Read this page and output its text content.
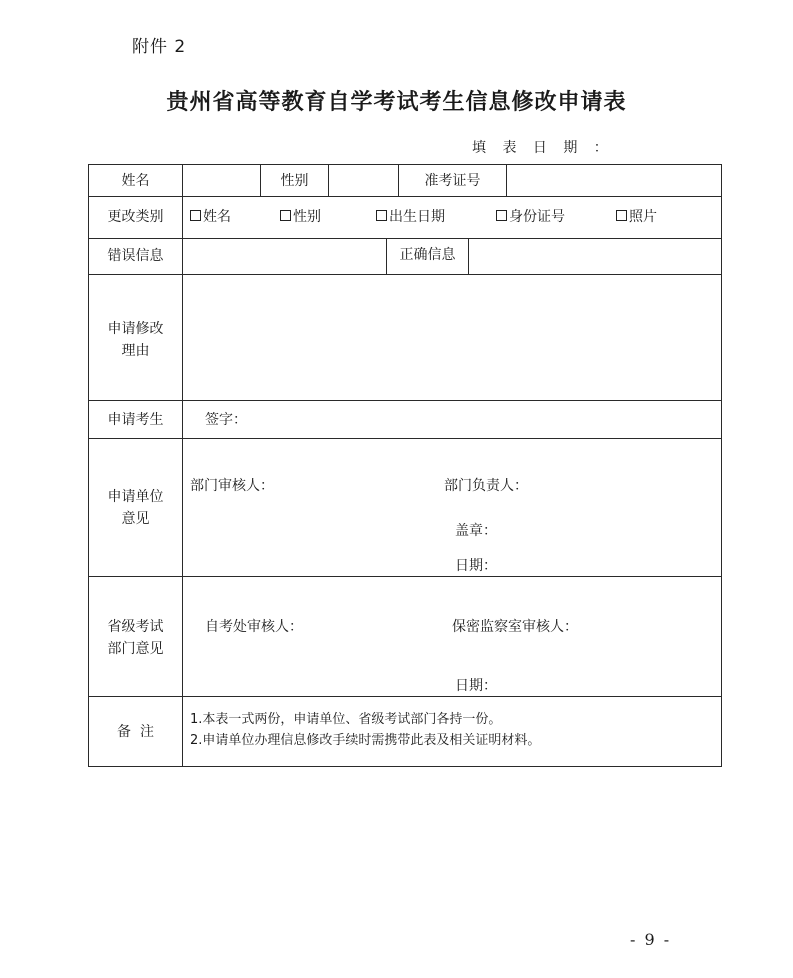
附件 2
贵州省高等教育自学考试考生信息修改申请表
填 表 日 期 ：
姓名	性别	准考证号
更改类别	姓名	性别	出生日期	身份证号	照片
错误信息	正确信息
申请修改
理由
申请考生	签字：
申请单位
意见
部门审核人：	部门负责人：
盖章：
日期：
省级考试
部门意见
自考处审核人：	保密监察室审核人：
日期：
备  注
1.本表一式两份，申请单位、省级考试部门各持一份。
2.申请单位办理信息修改手续时需携带此表及相关证明材料。
- 9 -
